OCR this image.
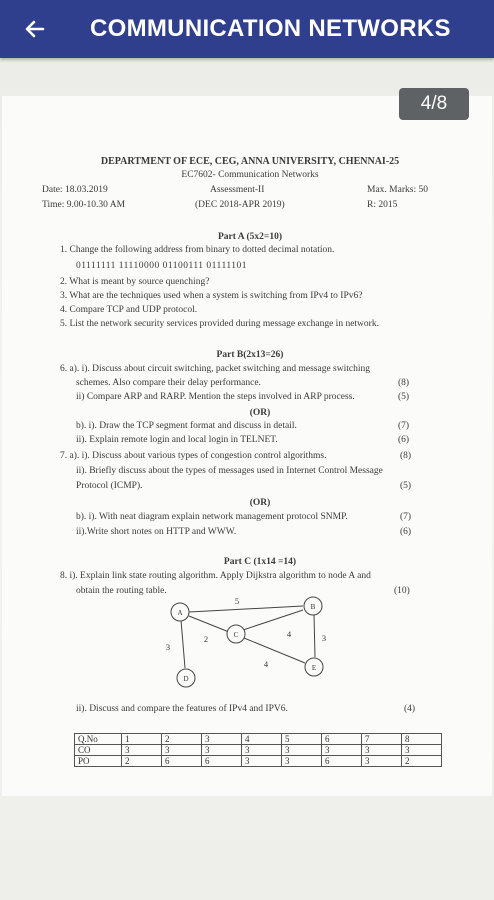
COMMUNICATION NETWORKS
4/8
DEPARTMENT OF ECE, CEG, ANNA UNIVERSITY, CHENNAI-25
EC7602- Communication Networks
Date: 18.03.2019	Assessment-II	Max. Marks: 50
Time: 9.00-10.30 AM	(DEC 2018-APR 2019)	R: 2015
Part A (5x2=10)
1. Change the following address from binary to dotted decimal notation.
01111111 11110000 01100111 01111101
2. What is meant by source quenching?
3. What are the techniques used when a system is switching from IPv4 to IPv6?
4. Compare TCP and UDP protocol.
5. List the network security services provided during message exchange in network.
Part B(2x13=26)
6. a). i). Discuss about circuit switching, packet switching and message switching
schemes. Also compare their delay performance.	(8)
ii) Compare ARP and RARP. Mention the steps involved in ARP process.	(5)
(OR)
b). i). Draw the TCP segment format and discuss in detail.	(7)
ii). Explain remote login and local login in TELNET.	(6)
7. a). i). Discuss about various types of congestion control algorithms.	(8)
ii). Briefly discuss about the types of messages used in Internet Control Message
Protocol (ICMP).	(5)
(OR)
b). i). With neat diagram explain network management protocol SNMP.	(7)
ii).Write short notes on HTTP and WWW.	(6)
Part C (1x14 =14)
8. i). Explain link state routing algorithm. Apply Dijkstra algorithm to node A and
obtain the routing table.	(10)
A
B
C
D
E
5
2
3
4	3
4
ii). Discuss and compare the features of IPv4 and IPV6.	(4)
Q.No	1	2	3	4	5	6	7	8
CO	3	3	3	3	3	3	3	3
PO	2	6	6	3	3	6	3	2
